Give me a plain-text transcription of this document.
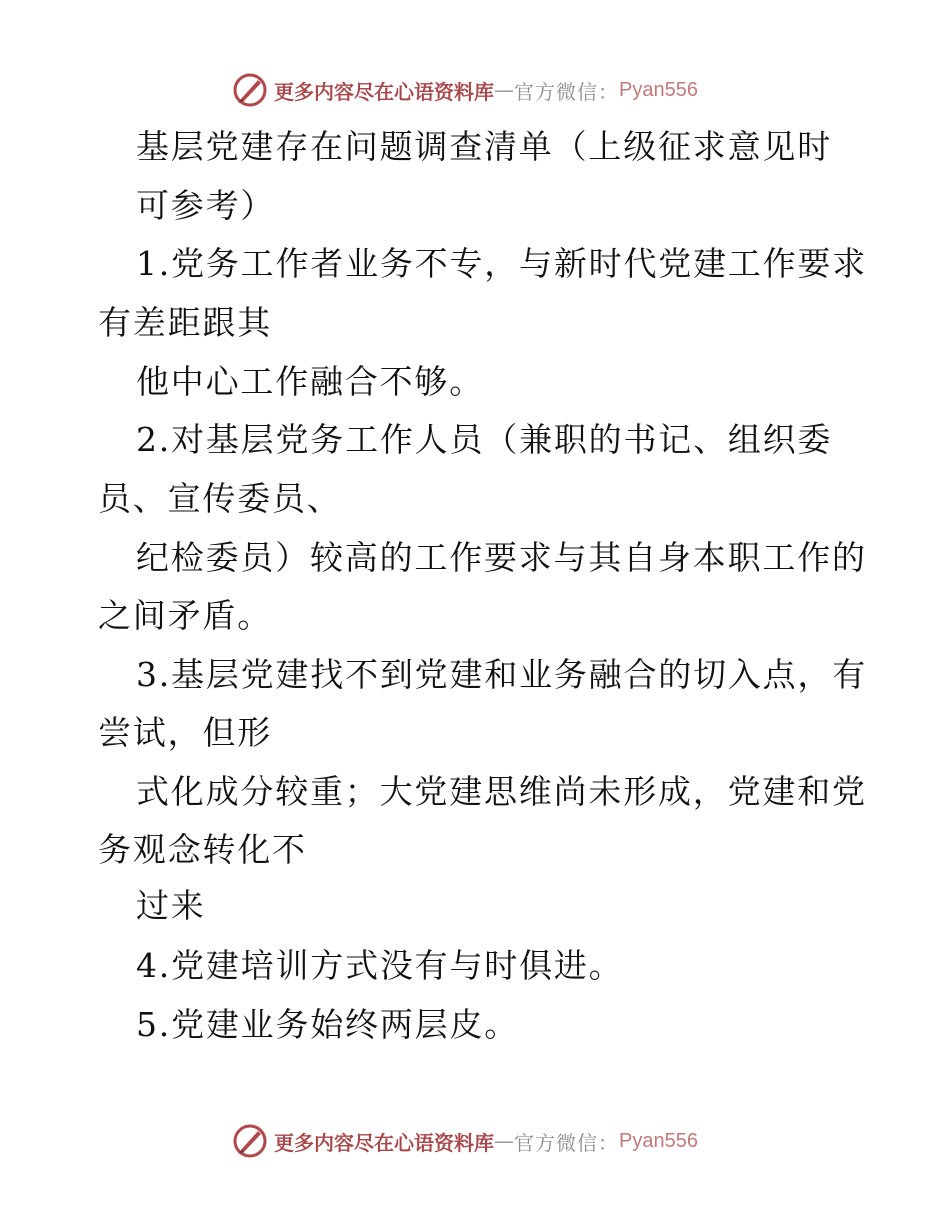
更多内容尽在心语资料库 — 官方微信： Pyan556
基层党建存在问题调查清单（上级征求意见时
可参考）
1.党务工作者业务不专，与新时代党建工作要求
有差距跟其
他中心工作融合不够。
2.对基层党务工作人员（兼职的书记、组织委
员、宣传委员、
纪检委员）较高的工作要求与其自身本职工作的
之间矛盾。
3.基层党建找不到党建和业务融合的切入点，有
尝试，但形
式化成分较重；大党建思维尚未形成，党建和党
务观念转化不
过来
4.党建培训方式没有与时俱进。
5.党建业务始终两层皮。
更多内容尽在心语资料库 — 官方微信： Pyan556
